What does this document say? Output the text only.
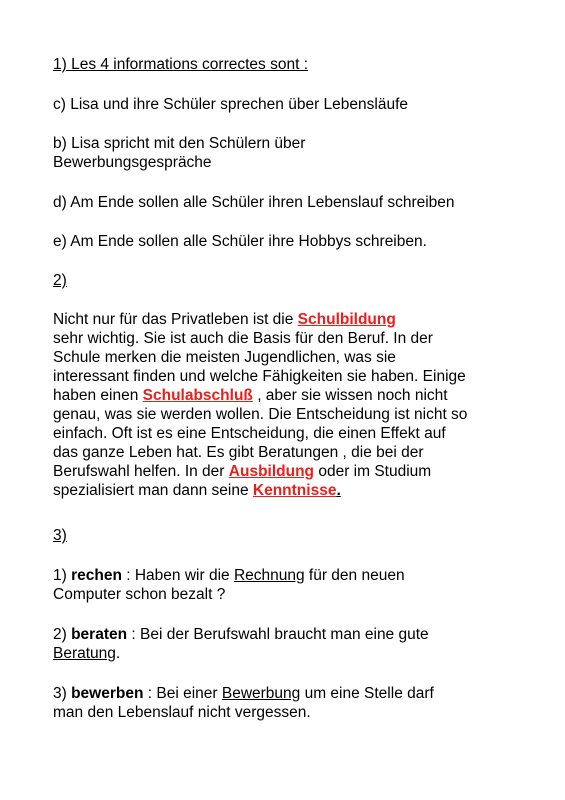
1) Les 4 informations correctes sont :
c) Lisa und ihre Schüler sprechen über Lebensläufe
b) Lisa spricht mit den Schülern über
Bewerbungsgespräche
d) Am Ende sollen alle Schüler ihren Lebenslauf schreiben
e) Am Ende sollen alle Schüler ihre Hobbys schreiben.
2)

Nicht nur für das Privatleben ist die Schulbildung

sehr wichtig. Sie ist auch die Basis für den Beruf. In der

Schule merken die meisten Jugendlichen, was sie

interessant finden und welche Fähigkeiten sie haben. Einige

haben einen Schulabschluß , aber sie wissen noch nicht

genau, was sie werden wollen. Die Entscheidung ist nicht so

einfach. Oft ist es eine Entscheidung, die einen Effekt auf

das ganze Leben hat. Es gibt Beratungen , die bei der

Berufswahl helfen. In der Ausbildung oder im Studium

spezialisiert man dann seine Kenntnisse.

3)

1) rechen : Haben wir die Rechnung für den neuen

Computer schon bezalt ?

2) beraten : Bei der Berufswahl braucht man eine gute

Beratung.

3) bewerben : Bei einer Bewerbung um eine Stelle darf

man den Lebenslauf nicht vergessen.
